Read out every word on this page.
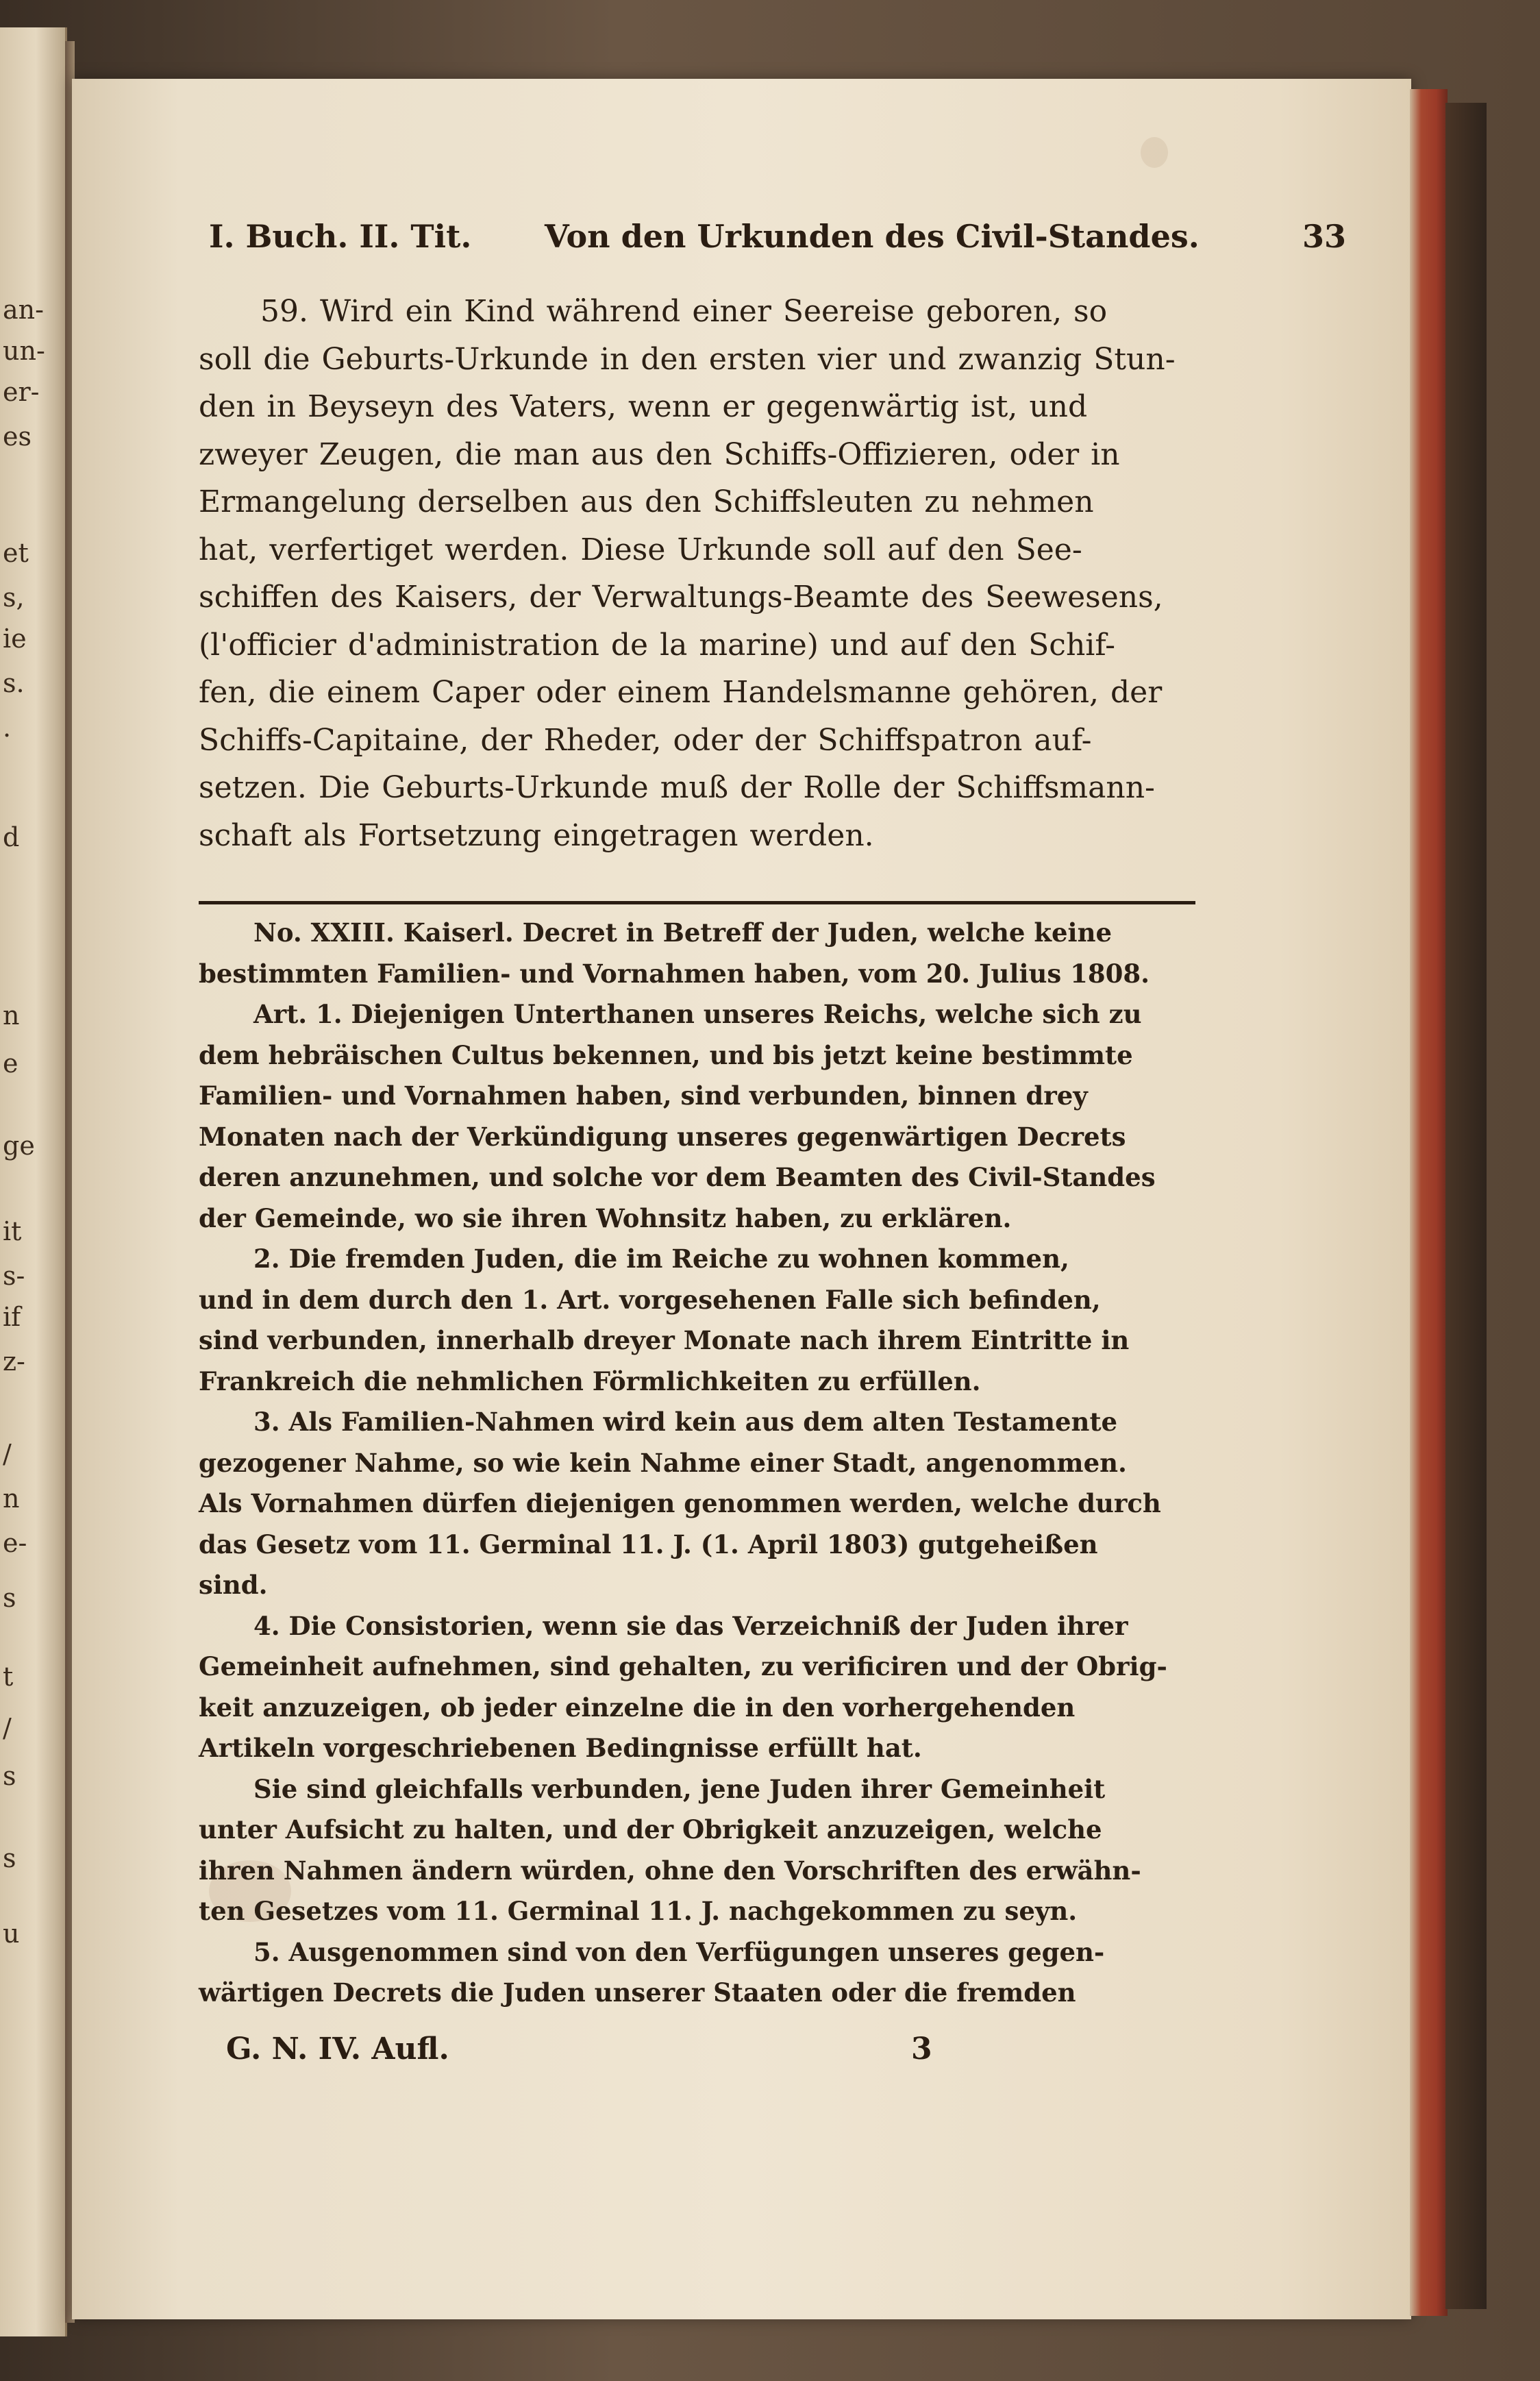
an-
un-
er-
es
et
s,
ie
s.
.
d
n
e
ge
it
s-
if
z-
/
n
e-
s
t
/
s
s
u
I. Buch. II. Tit. Von den Urkunden des Civil-Standes.	33
59. Wird ein Kind während einer Seereise geboren, so
soll die Geburts-Urkunde in den ersten vier und zwanzig Stun-
den in Beyseyn des Vaters, wenn er gegenwärtig ist, und
zweyer Zeugen, die man aus den Schiffs-Offizieren, oder in
Ermangelung derselben aus den Schiffsleuten zu nehmen
hat, verfertiget werden. Diese Urkunde soll auf den See-
schiffen des Kaisers, der Verwaltungs-Beamte des Seewesens,
(l'officier d'administration de la marine) und auf den Schif-
fen, die einem Caper oder einem Handelsmanne gehören, der
Schiffs-Capitaine, der Rheder, oder der Schiffspatron auf-
setzen. Die Geburts-Urkunde muß der Rolle der Schiffsmann-
schaft als Fortsetzung eingetragen werden.
No. XXIII. Kaiserl. Decret in Betreff der Juden, welche keine
bestimmten Familien- und Vornahmen haben, vom 20. Julius 1808.
Art. 1. Diejenigen Unterthanen unseres Reichs, welche sich zu
dem hebräischen Cultus bekennen, und bis jetzt keine bestimmte
Familien- und Vornahmen haben, sind verbunden, binnen drey
Monaten nach der Verkündigung unseres gegenwärtigen Decrets
deren anzunehmen, und solche vor dem Beamten des Civil-Standes
der Gemeinde, wo sie ihren Wohnsitz haben, zu erklären.
2. Die fremden Juden, die im Reiche zu wohnen kommen,
und in dem durch den 1. Art. vorgesehenen Falle sich befinden,
sind verbunden, innerhalb dreyer Monate nach ihrem Eintritte in
Frankreich die nehmlichen Förmlichkeiten zu erfüllen.
3. Als Familien-Nahmen wird kein aus dem alten Testamente
gezogener Nahme, so wie kein Nahme einer Stadt, angenommen.
Als Vornahmen dürfen diejenigen genommen werden, welche durch
das Gesetz vom 11. Germinal 11. J. (1. April 1803) gutgeheißen
sind.
4. Die Consistorien, wenn sie das Verzeichniß der Juden ihrer
Gemeinheit aufnehmen, sind gehalten, zu verificiren und der Obrig-
keit anzuzeigen, ob jeder einzelne die in den vorhergehenden
Artikeln vorgeschriebenen Bedingnisse erfüllt hat.
Sie sind gleichfalls verbunden, jene Juden ihrer Gemeinheit
unter Aufsicht zu halten, und der Obrigkeit anzuzeigen, welche
ihren Nahmen ändern würden, ohne den Vorschriften des erwähn-
ten Gesetzes vom 11. Germinal 11. J. nachgekommen zu seyn.
5. Ausgenommen sind von den Verfügungen unseres gegen-
wärtigen Decrets die Juden unserer Staaten oder die fremden
G. N. IV. Aufl.	3
